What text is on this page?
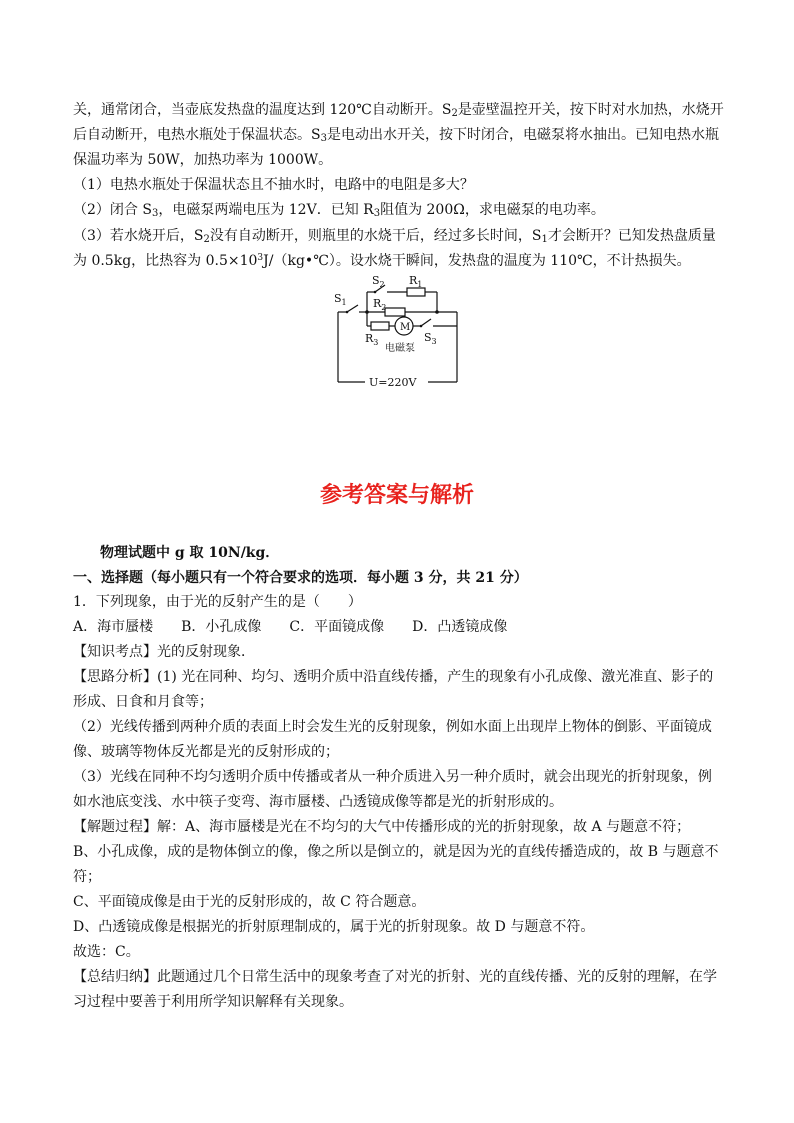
关，通常闭合，当壶底发热盘的温度达到 120℃自动断开。$S_2$是壶壁温控开关，按下时对水加热，水烧开
后自动断开，电热水瓶处于保温状态。$S_3$是电动出水开关，按下时闭合，电磁泵将水抽出。已知电热水瓶
保温功率为 50W，加热功率为 1000W。
（1）电热水瓶处于保温状态且不抽水时，电路中的电阻是多大？
（2）闭合 $S_3$，电磁泵两端电压为 12V．已知 $R_3$阻值为 200Ω，求电磁泵的电功率。
（3）若水烧开后，$S_2$没有自动断开，则瓶里的水烧干后，经过多长时间，$S_1$才会断开？已知发热盘质量
为 0.5kg，比热容为 $0.5\times 10^3J/(kg•℃)$。设水烧干瞬间，发热盘的温度为 110℃，不计热损失。
$S_1$
$S_2$ $R_1$
$R_2$
M
$R_3$	$S_3$
电磁泵
U=220V
参考答案与解析
物理试题中 g 取 10N/kg．
一、选择题（每小题只有一个符合要求的选项．每小题 3 分，共 21 分）
1．下列现象，由于光的反射产生的是（　　）
A．海市蜃楼　　B．小孔成像　　C．平面镜成像　　D．凸透镜成像
【知识考点】光的反射现象．
【思路分析】(1) 光在同种、均匀、透明介质中沿直线传播，产生的现象有小孔成像、激光准直、影子的
形成、日食和月食等；
（2）光线传播到两种介质的表面上时会发生光的反射现象，例如水面上出现岸上物体的倒影、平面镜成
像、玻璃等物体反光都是光的反射形成的；
（3）光线在同种不均匀透明介质中传播或者从一种介质进入另一种介质时，就会出现光的折射现象，例
如水池底变浅、水中筷子变弯、海市蜃楼、凸透镜成像等都是光的折射形成的。
【解题过程】解：A、海市蜃楼是光在不均匀的大气中传播形成的光的折射现象，故 A 与题意不符；
B、小孔成像，成的是物体倒立的像，像之所以是倒立的，就是因为光的直线传播造成的，故 B 与题意不
符；
C、平面镜成像是由于光的反射形成的，故 C 符合题意。
D、凸透镜成像是根据光的折射原理制成的，属于光的折射现象。故 D 与题意不符。
故选：C。
【总结归纳】此题通过几个日常生活中的现象考查了对光的折射、光的直线传播、光的反射的理解，在学
习过程中要善于利用所学知识解释有关现象。
